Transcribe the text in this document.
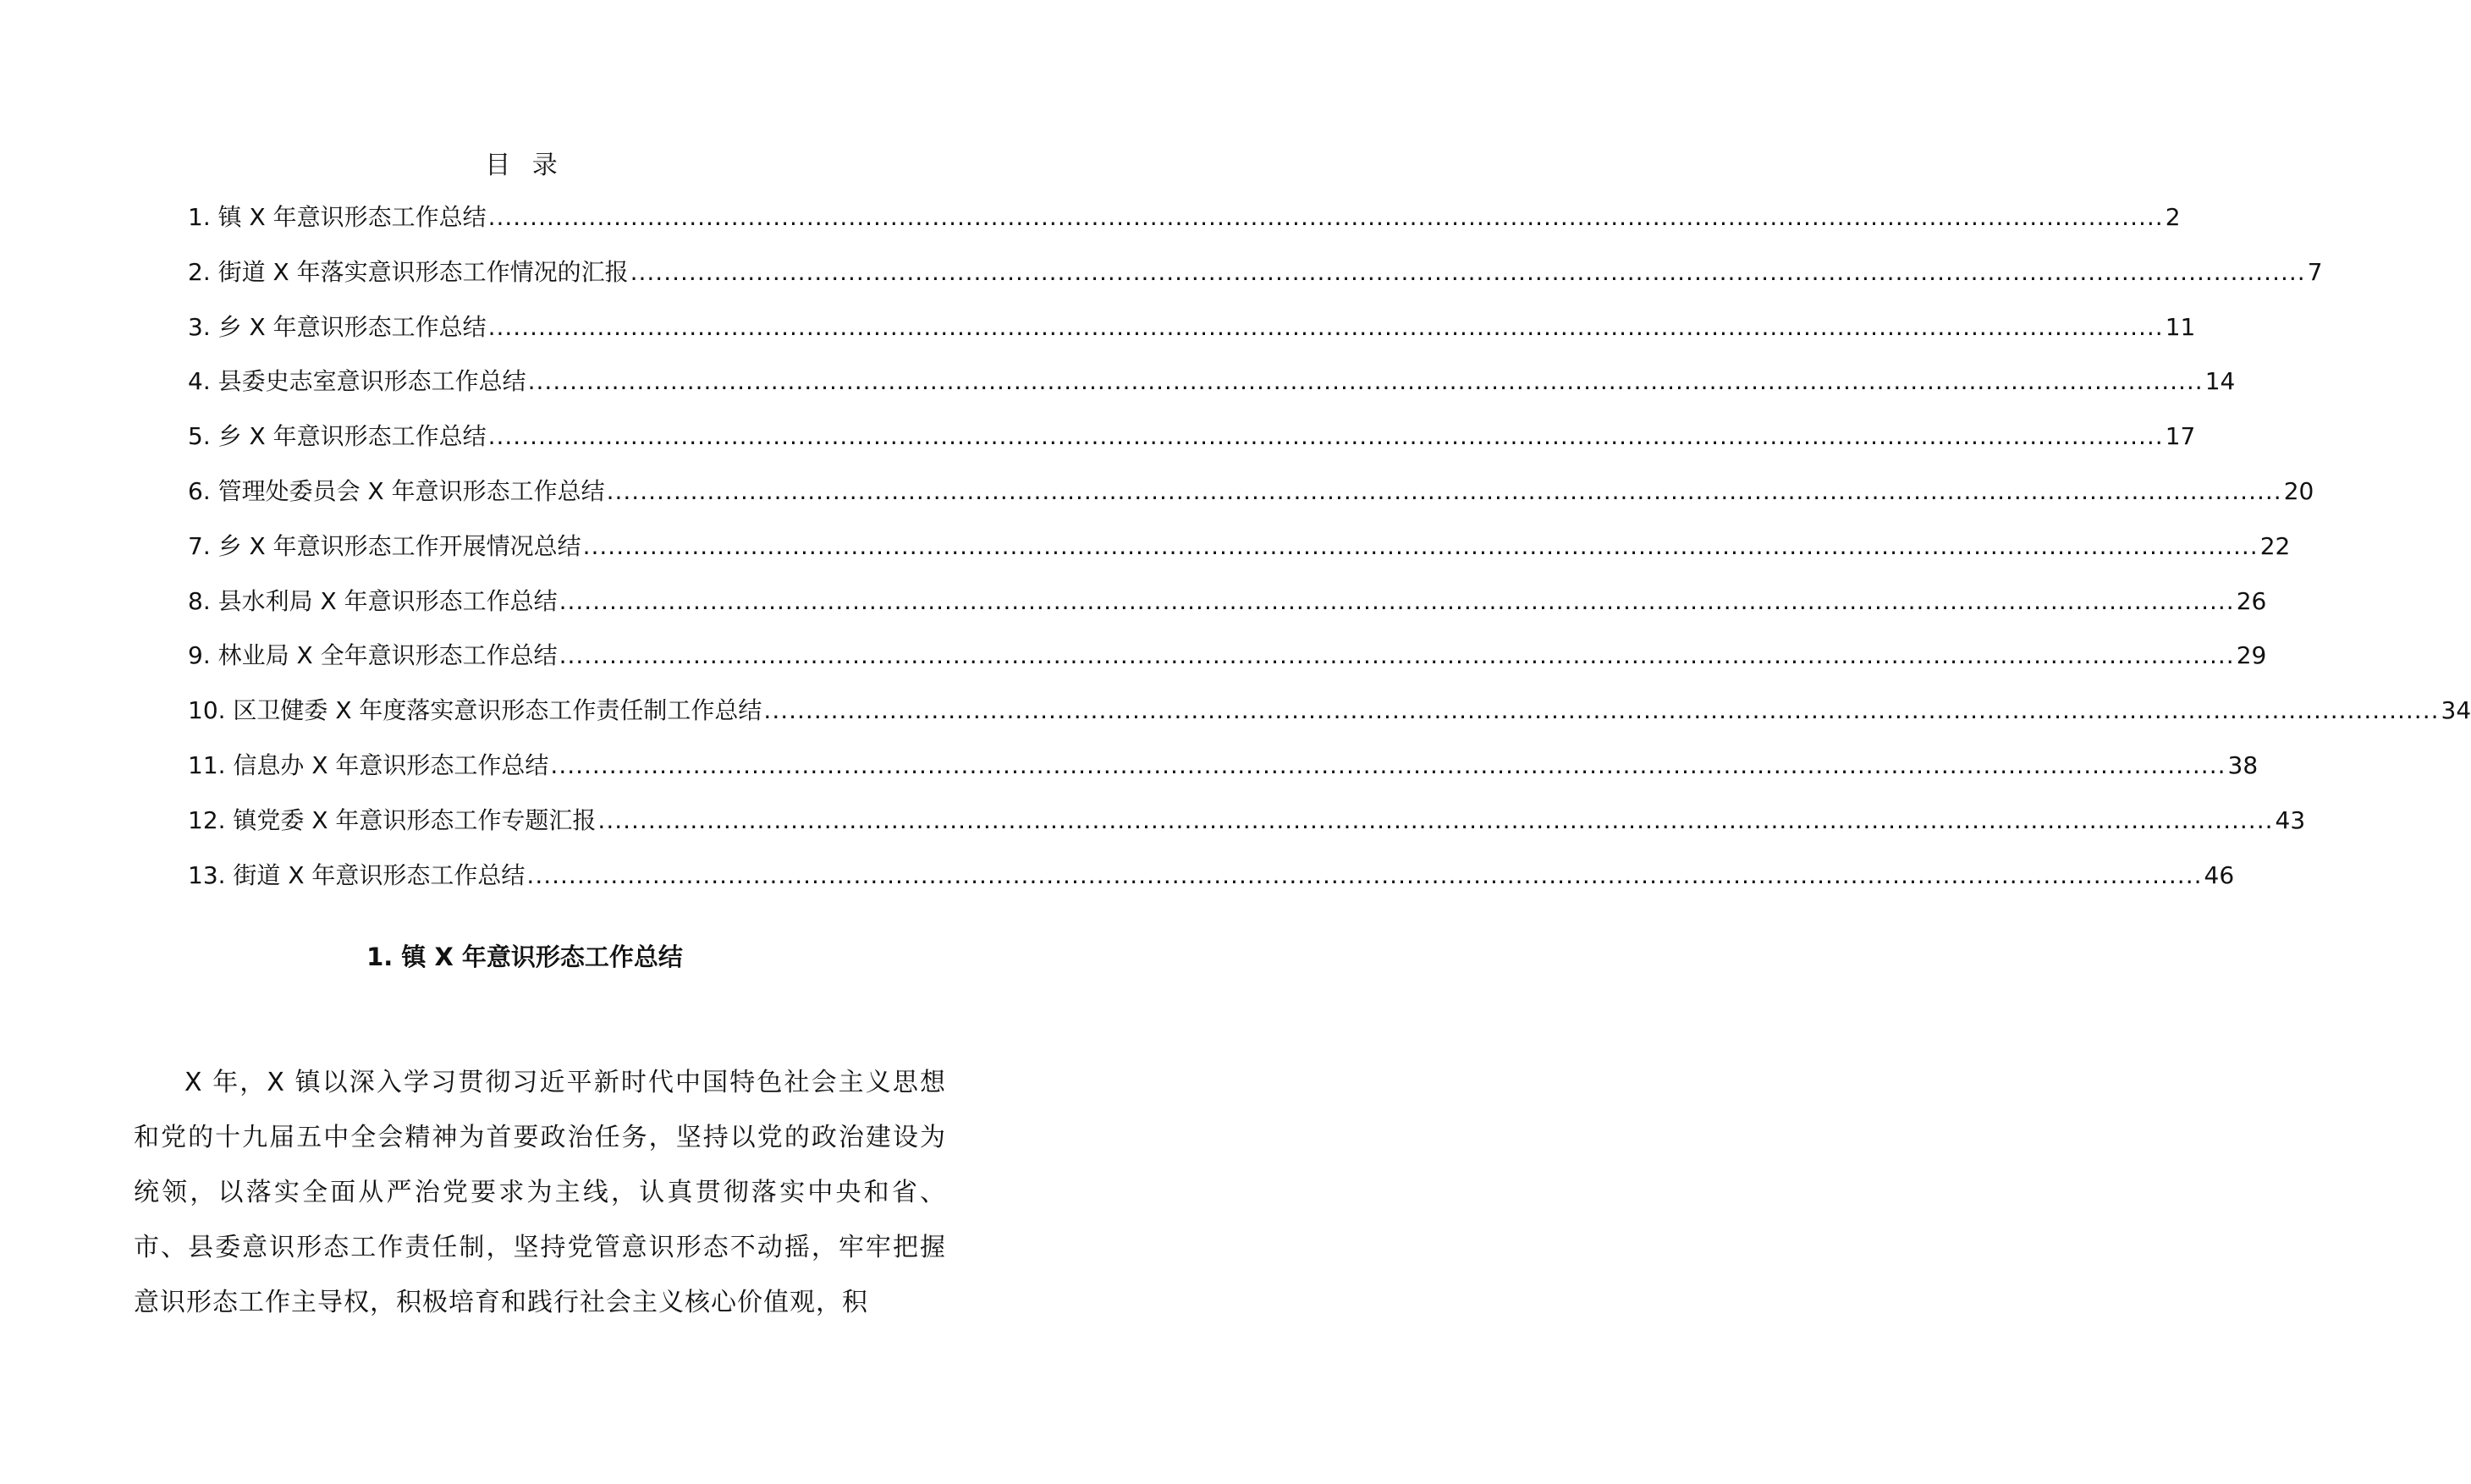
目 录
1. 镇 X 年意识形态工作总结 ........................................................................................................................................................................................................ 2
2. 街道 X 年落实意识形态工作情况的汇报 ........................................................................................................................................................................................................ 7
3. 乡 X 年意识形态工作总结 ........................................................................................................................................................................................................ 11
4. 县委史志室意识形态工作总结 ........................................................................................................................................................................................................ 14
5. 乡 X 年意识形态工作总结 ........................................................................................................................................................................................................ 17
6. 管理处委员会 X 年意识形态工作总结 ........................................................................................................................................................................................................ 20
7. 乡 X 年意识形态工作开展情况总结 ........................................................................................................................................................................................................ 22
8. 县水利局 X 年意识形态工作总结 ........................................................................................................................................................................................................ 26
9. 林业局 X 全年意识形态工作总结 ........................................................................................................................................................................................................ 29
10. 区卫健委 X 年度落实意识形态工作责任制工作总结 ........................................................................................................................................................................................................ 34
11. 信息办 X 年意识形态工作总结 ........................................................................................................................................................................................................ 38
12. 镇党委 X 年意识形态工作专题汇报 ........................................................................................................................................................................................................ 43
13. 街道 X 年意识形态工作总结 ........................................................................................................................................................................................................ 46
1. 镇 X 年意识形态工作总结

X 年，X 镇以深入学习贯彻习近平新时代中国特色社会主义思想和党的十九届五中全会精神为首要政治任务，坚持以党的政治建设为统领，以落实全面从严治党要求为主线，认真贯彻落实中央和省、市、县委意识形态工作责任制，坚持党管意识形态不动摇，牢牢把握意识形态工作主导权，积极培育和践行社会主义核心价值观，积
